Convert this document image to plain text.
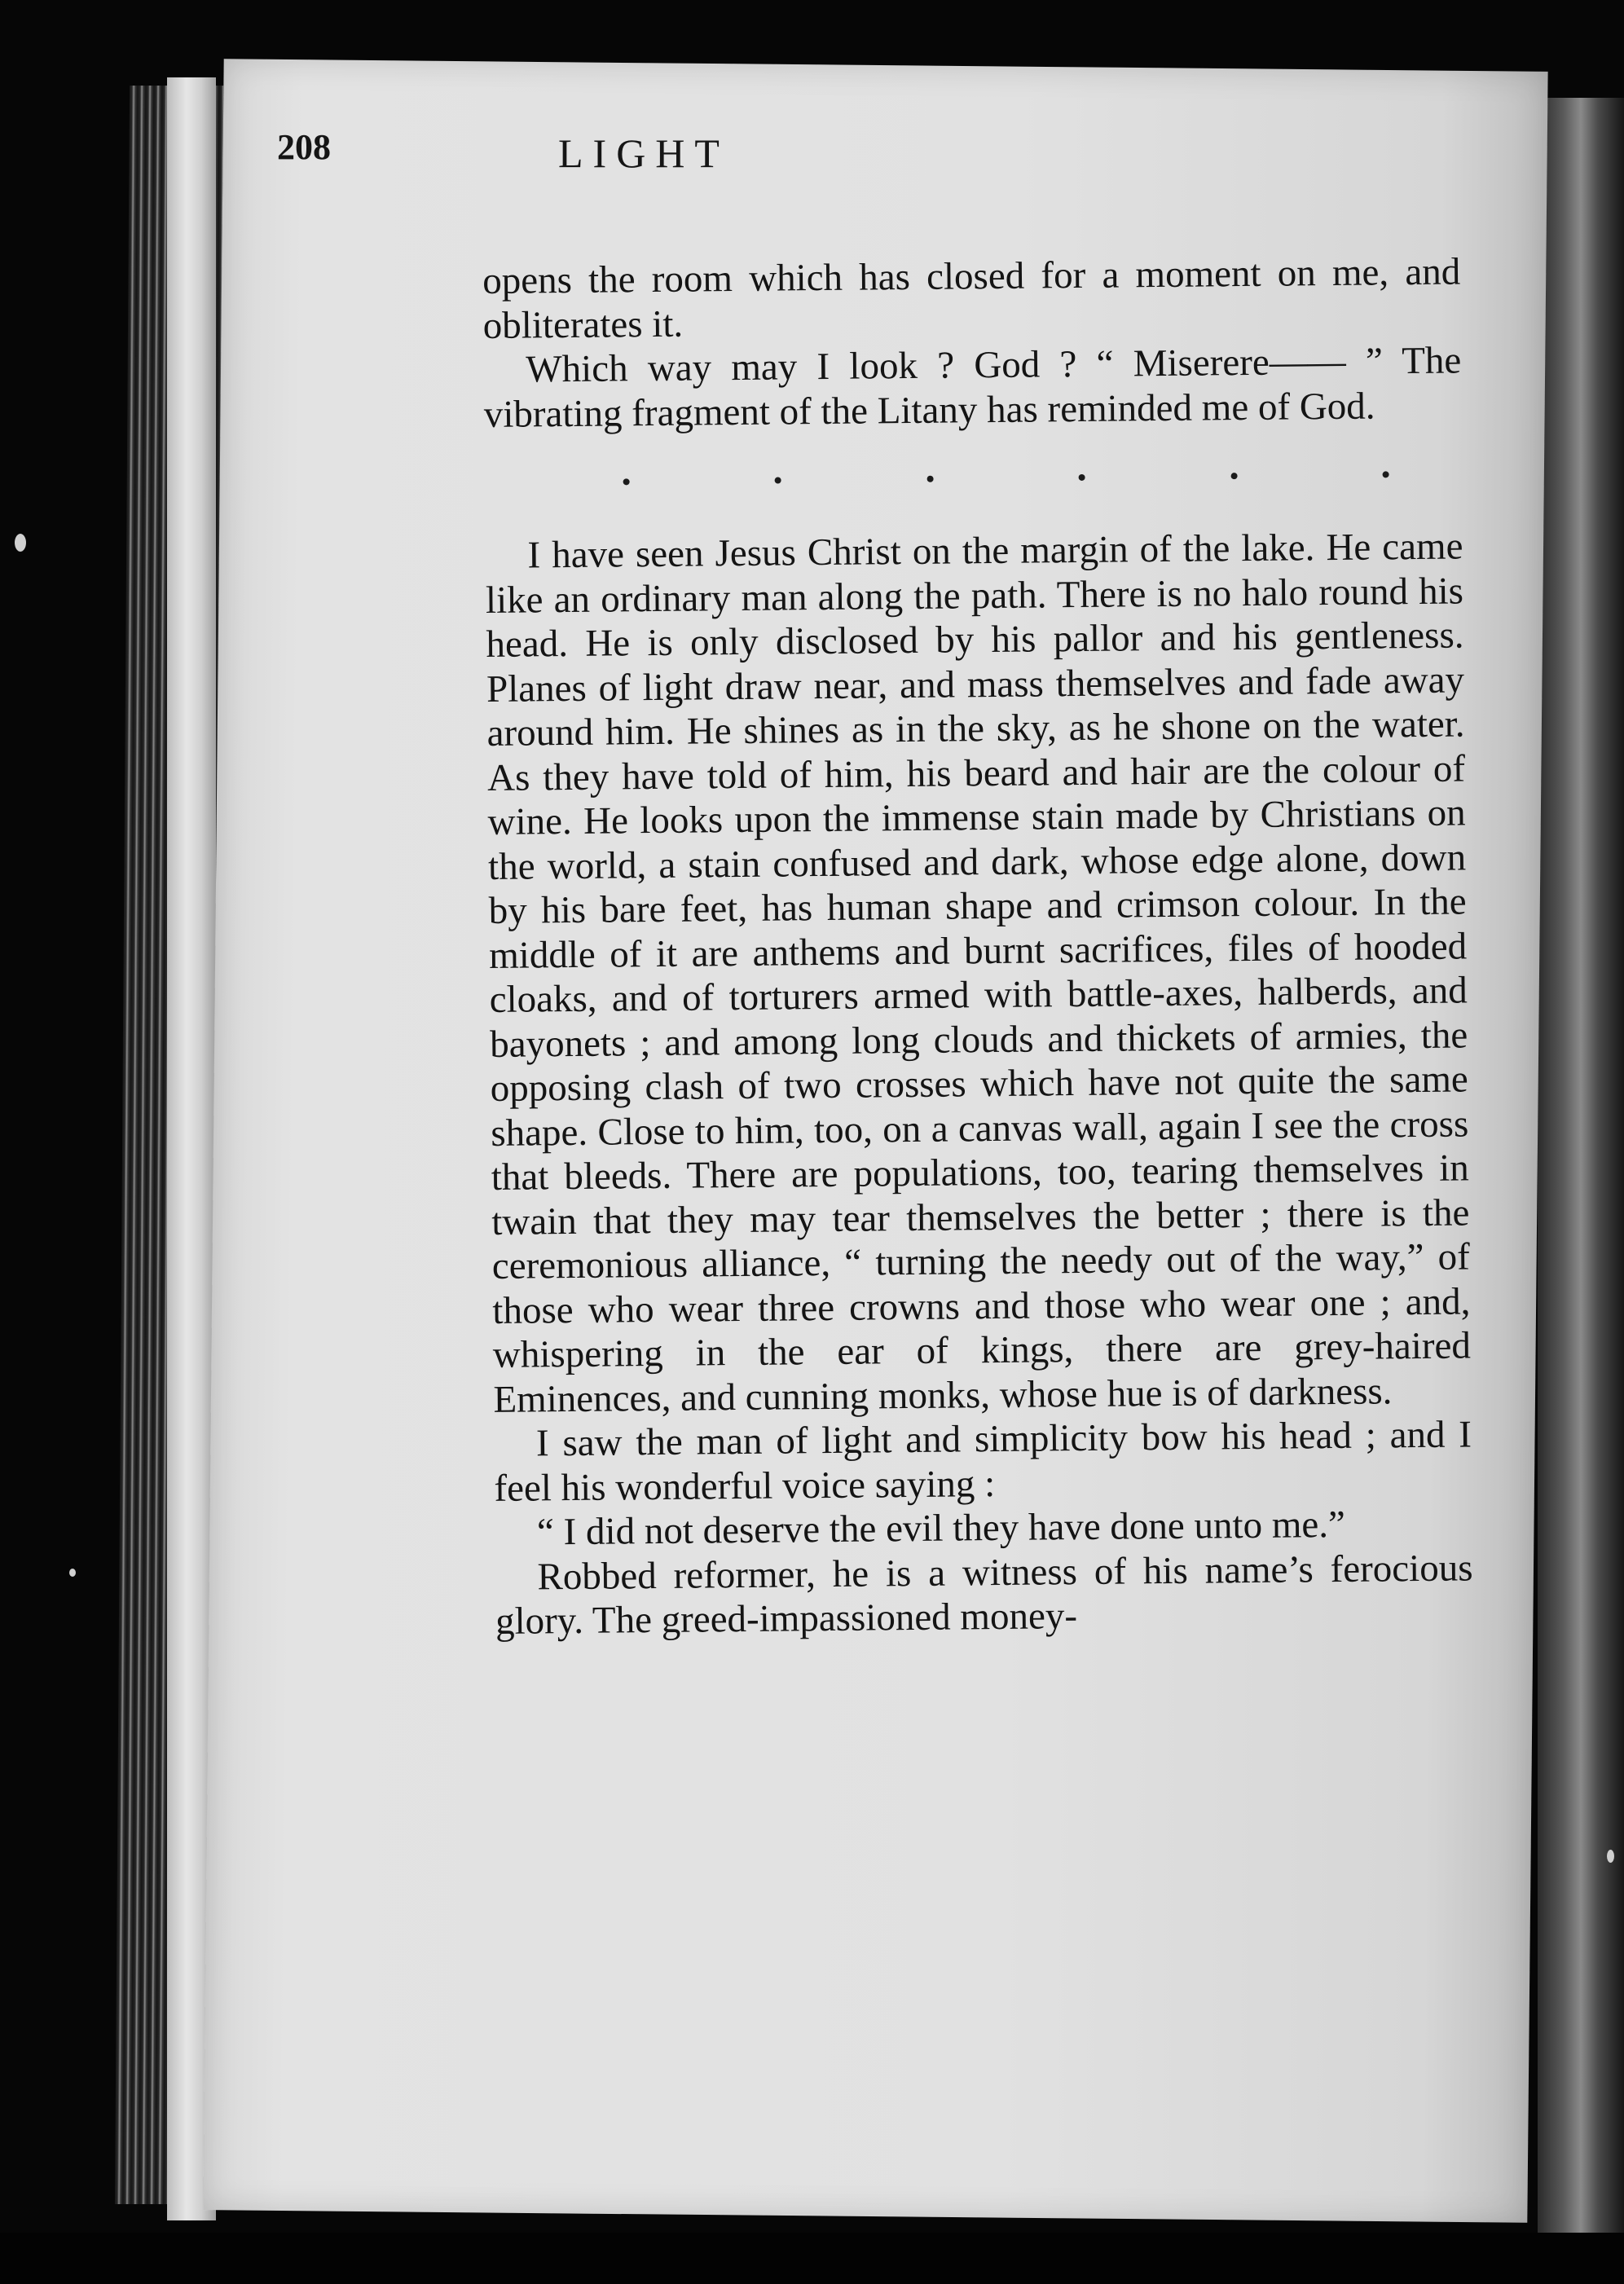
208	LIGHT

opens the room which has closed for a moment on me, and obliterates it.

Which way may I look ? God ? “ Miserere—— ” The vibrating fragment of the Litany has reminded me of God.

I have seen Jesus Christ on the margin of the lake. He came like an ordinary man along the path. There is no halo round his head. He is only disclosed by his pallor and his gentleness. Planes of light draw near, and mass themselves and fade away around him. He shines as in the sky, as he shone on the water. As they have told of him, his beard and hair are the colour of wine. He looks upon the immense stain made by Christians on the world, a stain confused and dark, whose edge alone, down by his bare feet, has human shape and crimson colour. In the middle of it are anthems and burnt sacrifices, files of hooded cloaks, and of torturers armed with battle-axes, halberds, and bayonets ; and among long clouds and thickets of armies, the opposing clash of two crosses which have not quite the same shape. Close to him, too, on a canvas wall, again I see the cross that bleeds. There are populations, too, tearing themselves in twain that they may tear themselves the better ; there is the ceremonious alliance, “ turning the needy out of the way,” of those who wear three crowns and those who wear one ; and, whispering in the ear of kings, there are grey-haired Eminences, and cunning monks, whose hue is of darkness.

I saw the man of light and simplicity bow his head ; and I feel his wonderful voice saying :

“ I did not deserve the evil they have done unto me.”

Robbed reformer, he is a witness of his name’s ferocious glory. The greed-impassioned money-
